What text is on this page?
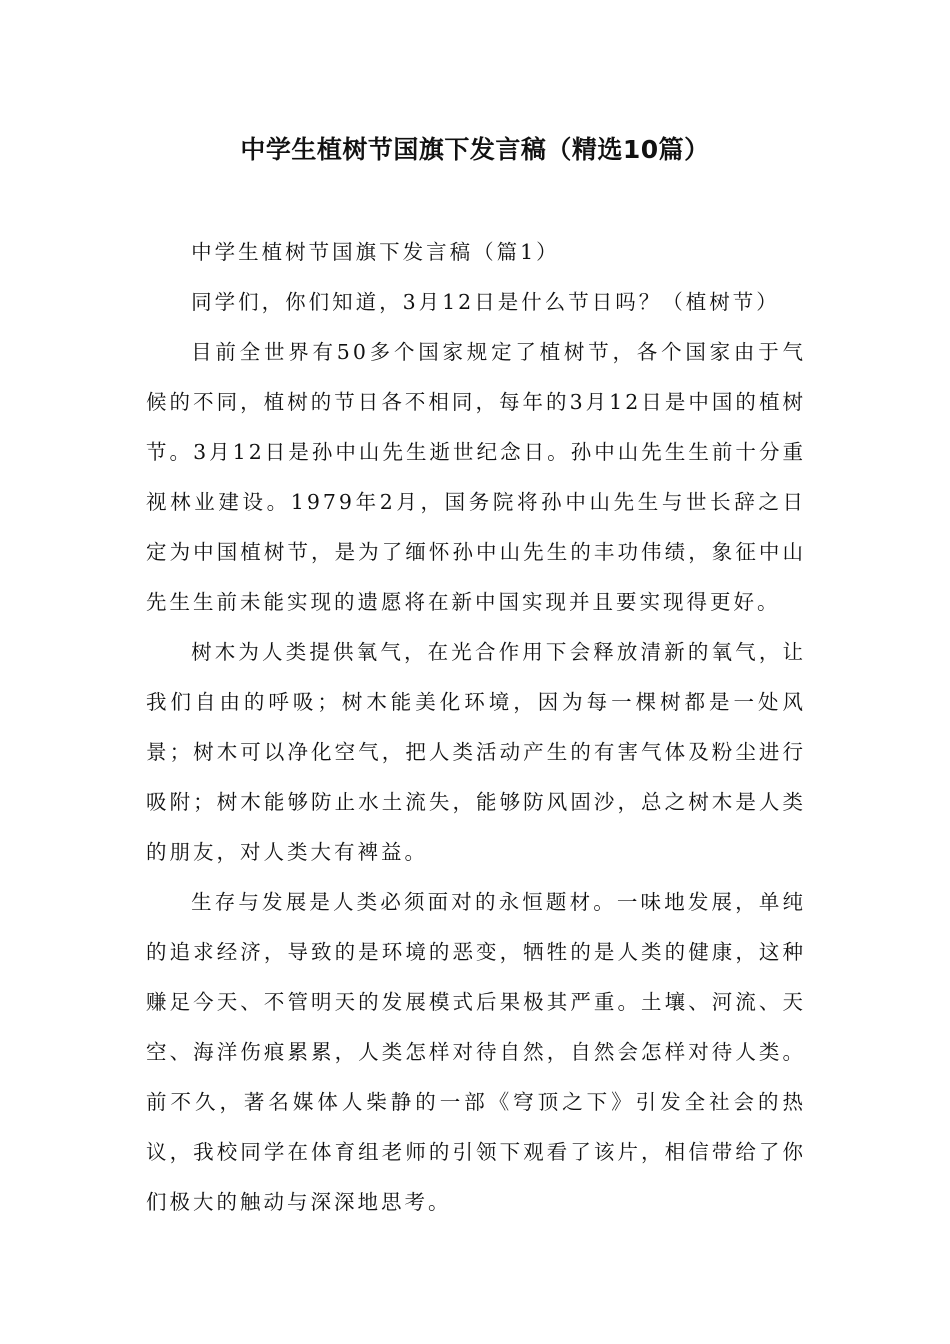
中学生植树节国旗下发言稿（精选10篇）

中学生植树节国旗下发言稿（篇1）

同学们，你们知道，3月12日是什么节日吗？（植树节）

目前全世界有50多个国家规定了植树节，各个国家由于气候的不同，植树的节日各不相同，每年的3月12日是中国的植树节。3月12日是孙中山先生逝世纪念日。孙中山先生生前十分重视林业建设。1979年2月，国务院将孙中山先生与世长辞之日定为中国植树节，是为了缅怀孙中山先生的丰功伟绩，象征中山先生生前未能实现的遗愿将在新中国实现并且要实现得更好。

树木为人类提供氧气，在光合作用下会释放清新的氧气，让我们自由的呼吸；树木能美化环境，因为每一棵树都是一处风景；树木可以净化空气，把人类活动产生的有害气体及粉尘进行吸附；树木能够防止水土流失，能够防风固沙，总之树木是人类的朋友，对人类大有裨益。

生存与发展是人类必须面对的永恒题材。一味地发展，单纯的追求经济，导致的是环境的恶变，牺牲的是人类的健康，这种赚足今天、不管明天的发展模式后果极其严重。土壤、河流、天空、海洋伤痕累累，人类怎样对待自然，自然会怎样对待人类。前不久，著名媒体人柴静的一部《穹顶之下》引发全社会的热议，我校同学在体育组老师的引领下观看了该片，相信带给了你们极大的触动与深深地思考。
